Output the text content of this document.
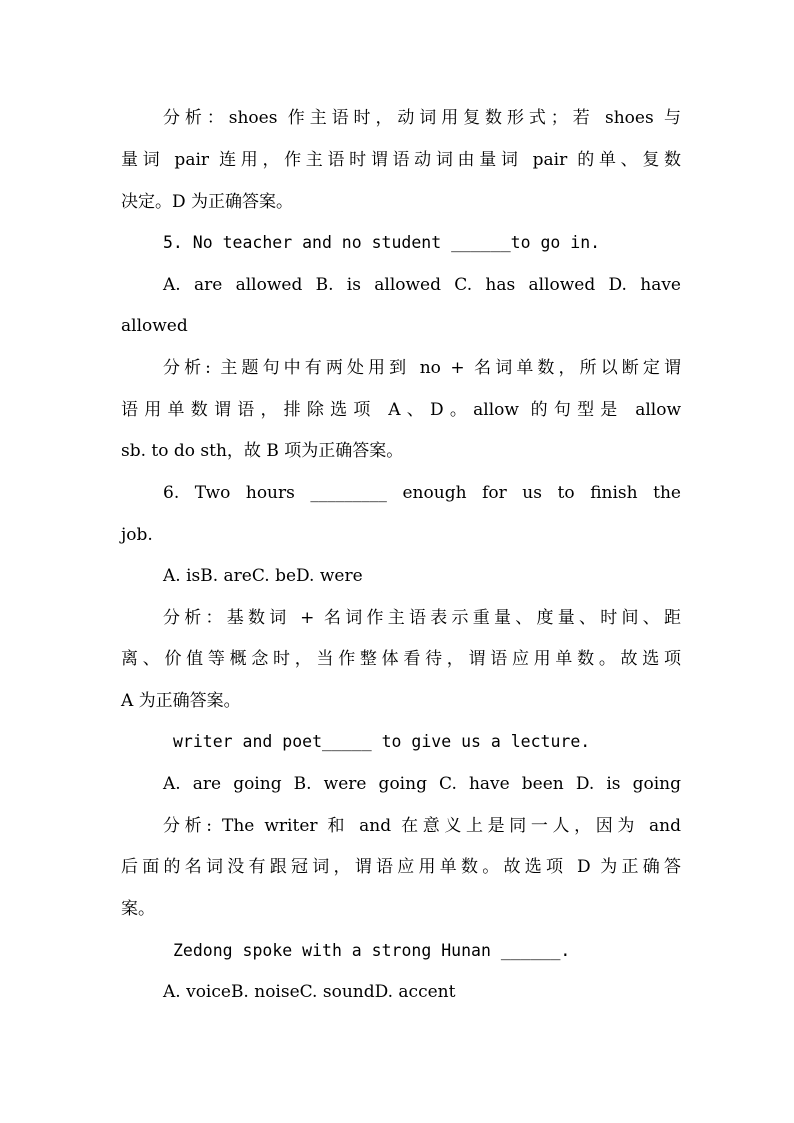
分析：shoes 作主语时，动词用复数形式；若 shoes 与
量词 pair 连用，作主语时谓语动词由量词 pair 的单、复数
决定。D 为正确答案。
5. No teacher and no student ______to go in.
A. are allowed B. is allowed C. has allowed D. have
allowed
分析: 主题句中有两处用到 no + 名词单数，所以断定谓
语用单数谓语，排除选项 A、D。allow 的句型是 allow
sb. to do sth，故 B 项为正确答案。
6. Two hours _________ enough for us to finish the
job.
A. isB. areC. beD. were
分析：基数词 + 名词作主语表示重量、度量、时间、距
离、价值等概念时，当作整体看待，谓语应用单数。故选项
A 为正确答案。
writer and poet_____ to give us a lecture.
A. are going B. were going C. have been D. is going
分析: The writer 和 and 在意义上是同一人，因为 and
后面的名词没有跟冠词，谓语应用单数。故选项 D 为正确答
案。
Zedong spoke with a strong Hunan ______.
A. voiceB. noiseC. soundD. accent
